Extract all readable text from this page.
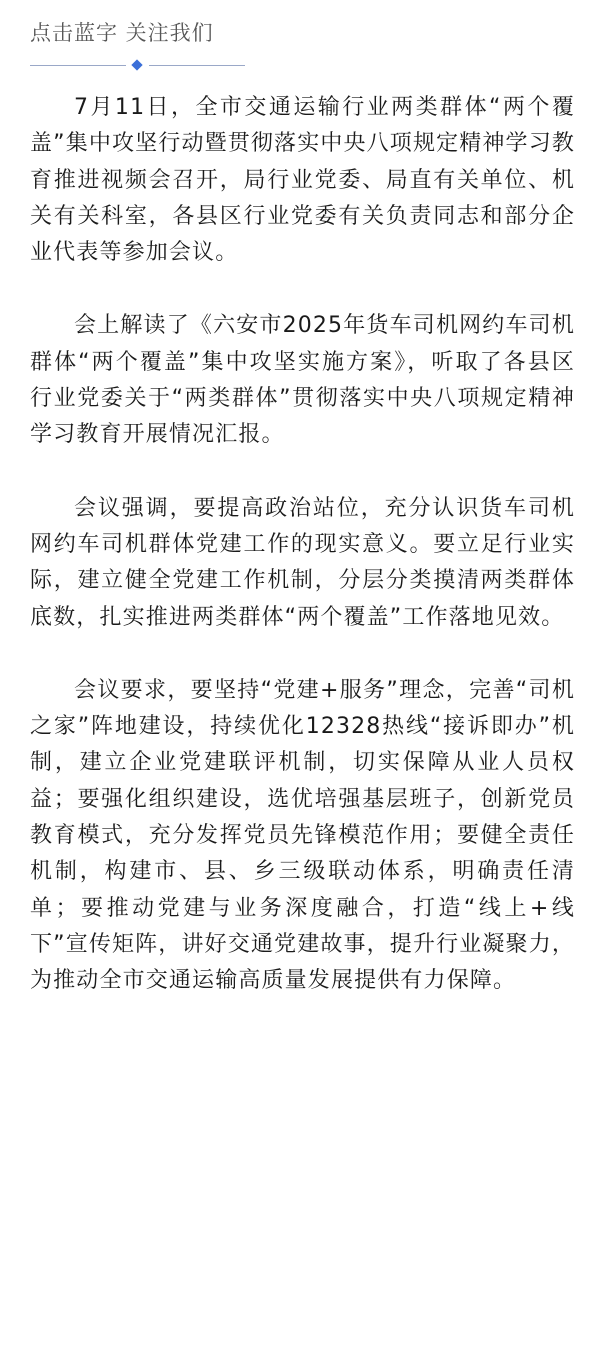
点击蓝字 关注我们

7月11日，全市交通运输行业两类群体“两个覆盖”集中攻坚行动暨贯彻落实中央八项规定精神学习教育推进视频会召开，局行业党委、局直有关单位、机关有关科室，各县区行业党委有关负责同志和部分企业代表等参加会议。

会上解读了《六安市2025年货车司机网约车司机群体“两个覆盖”集中攻坚实施方案》，听取了各县区行业党委关于“两类群体”贯彻落实中央八项规定精神学习教育开展情况汇报。

会议强调，要提高政治站位，充分认识货车司机网约车司机群体党建工作的现实意义。要立足行业实际，建立健全党建工作机制，分层分类摸清两类群体底数，扎实推进两类群体“两个覆盖”工作落地见效。

会议要求，要坚持“党建+服务”理念，完善“司机之家”阵地建设，持续优化12328热线“接诉即办”机制，建立企业党建联评机制，切实保障从业人员权益；要强化组织建设，选优培强基层班子，创新党员教育模式，充分发挥党员先锋模范作用；要健全责任机制，构建市、县、乡三级联动体系，明确责任清单；要推动党建与业务深度融合，打造“线上+线下”宣传矩阵，讲好交通党建故事，提升行业凝聚力，为推动全市交通运输高质量发展提供有力保障。
